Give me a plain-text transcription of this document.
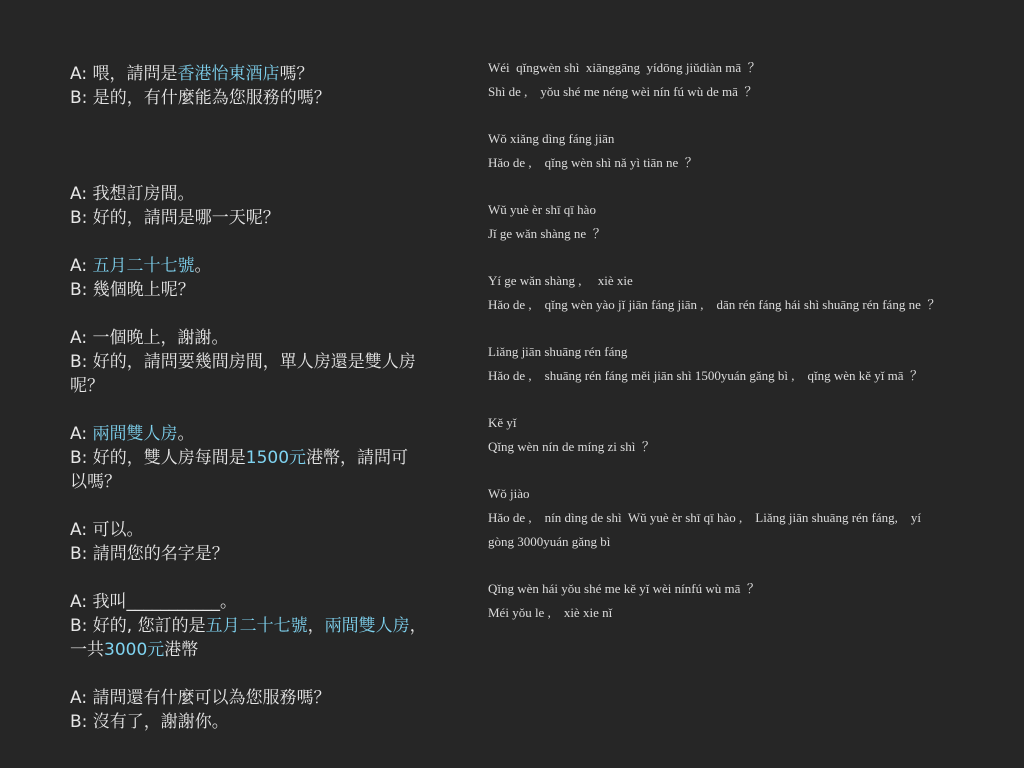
A: 喂，請問是香港怡東酒店嗎？

B: 是的，有什麼能為您服務的嗎？

A: 我想訂房間。

B: 好的，請問是哪一天呢？

A: 五月二十七號。

B: 幾個晚上呢？

A: 一個晚上，謝謝。

B: 好的，請問要幾間房間，單人房還是雙人房

呢？

A: 兩間雙人房。

B: 好的，雙人房每間是1500元港幣，請問可

以嗎？

A: 可以。

B: 請問您的名字是？

A: 我叫___________。

B: 好的, 您訂的是五月二十七號，兩間雙人房，

一共3000元港幣

A: 請問還有什麼可以為您服務嗎？

B: 沒有了，謝謝你。

Wéi  qǐngwèn shì  xiānggāng  yídōng jiǔdiàn mā  ？

Shì de ,    yǒu shé me néng wèi nín fú wù de mā  ？

Wǒ xiǎng dìng fáng jiān

Hǎo de ,    qǐng wèn shì nǎ yì tiān ne  ？

Wǔ yuè èr shī qī hào

Jǐ ge wǎn shàng ne  ？

Yí ge wǎn shàng ,     xiè xie

Hǎo de ,    qǐng wèn yào jǐ jiān fáng jiān ,    dān rén fáng hái shì shuāng rén fáng ne  ？

Liǎng jiān shuāng rén fáng

Hǎo de ,    shuāng rén fáng měi jiān shì 1500yuán gǎng bì ,    qǐng wèn kě yǐ mā  ？

Kě yǐ

Qǐng wèn nín de míng zi shì  ？

Wǒ jiào

Hǎo de ,    nín dìng de shì  Wǔ yuè èr shī qī hào ,    Liǎng jiān shuāng rén fáng,    yí

gòng 3000yuán gǎng bì

Qǐng wèn hái yǒu shé me kě yǐ wèi nínfú wù mā  ？

Méi yǒu le ,    xiè xie nǐ
